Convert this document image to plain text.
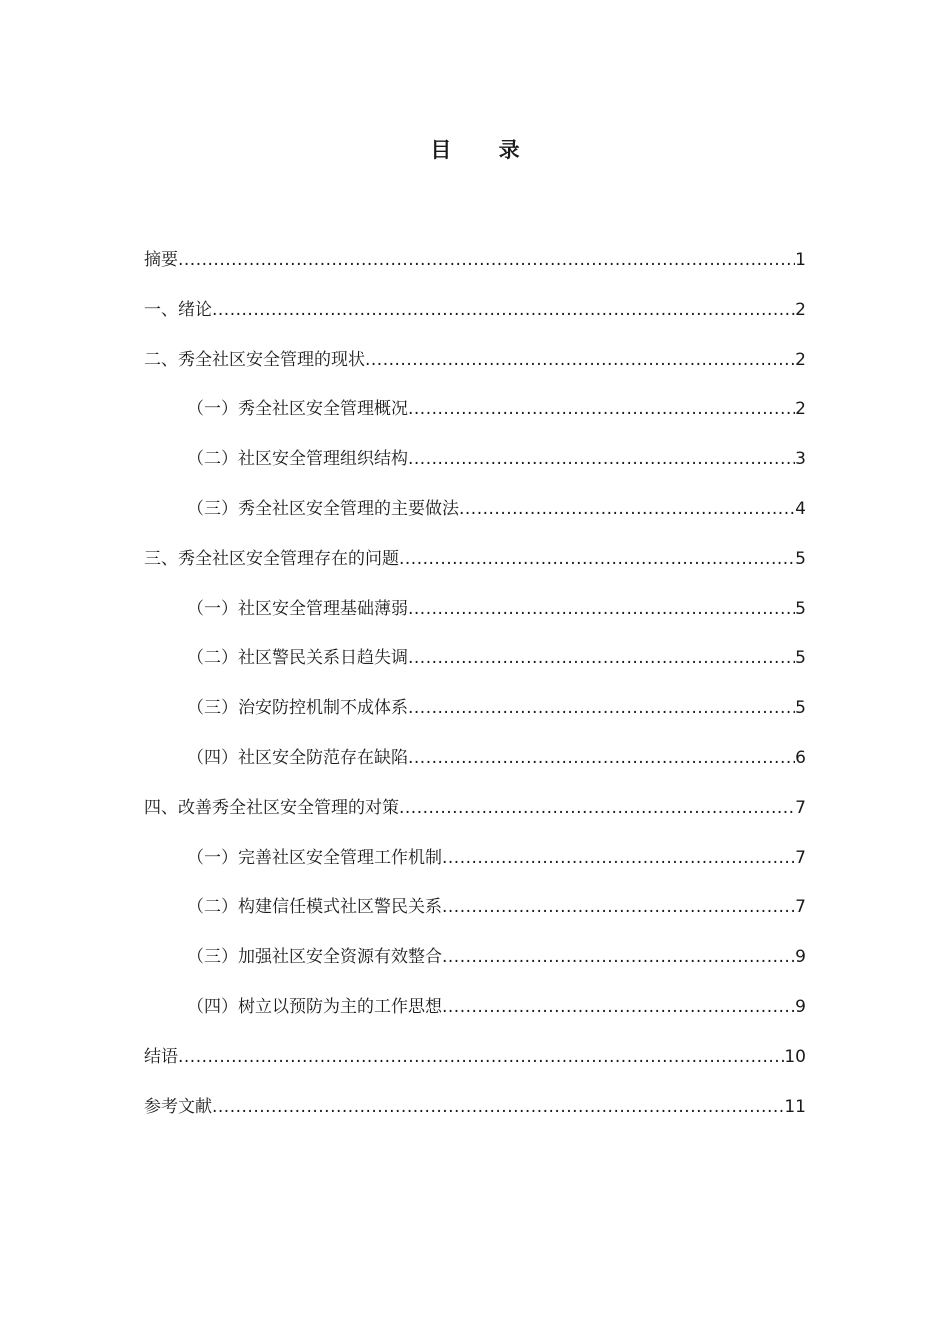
目 录
摘要 .....	1
一、绪论 .....	2
二、秀全社区安全管理的现状 .....	2
（一）秀全社区安全管理概况 .....	2
（二）社区安全管理组织结构 .....	3
（三）秀全社区安全管理的主要做法 .....	4
三、秀全社区安全管理存在的问题 .....	5
（一）社区安全管理基础薄弱 .....	5
（二）社区警民关系日趋失调 .....	5
（三）治安防控机制不成体系 .....	5
（四）社区安全防范存在缺陷 .....	6
四、改善秀全社区安全管理的对策 .....	7
（一）完善社区安全管理工作机制 .....	7
（二）构建信任模式社区警民关系 .....	7
（三）加强社区安全资源有效整合 .....	9
（四）树立以预防为主的工作思想 .....	9
结语 .....	10
参考文献 .....	11
